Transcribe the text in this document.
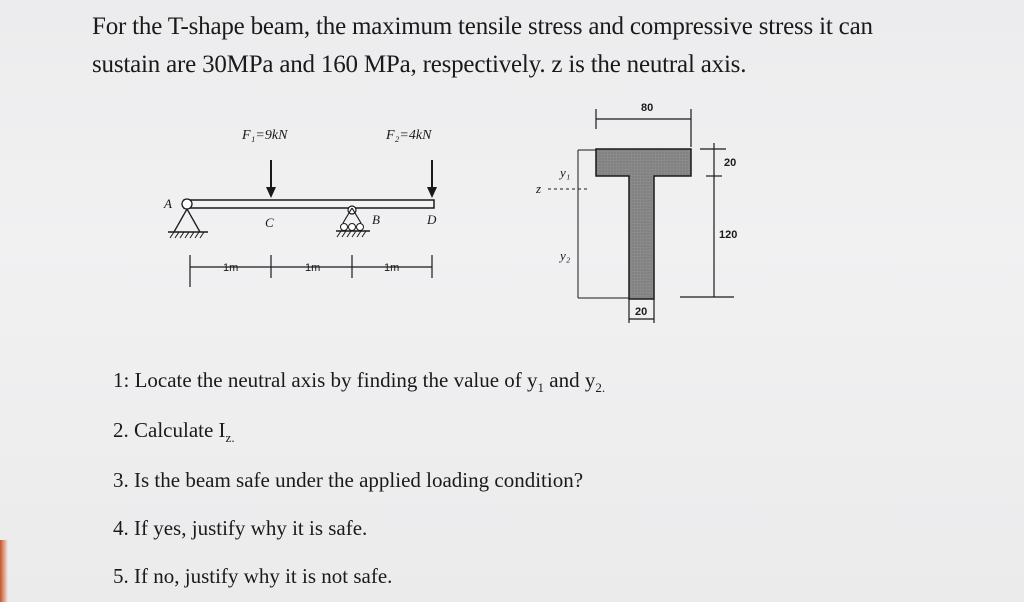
For the T-shape beam, the maximum tensile stress and compressive stress it can
sustain are 30MPa and 160 MPa, respectively. z is the neutral axis.
F₁=9kN	F₂=4kN
A
C	B	D
1m	1m	1m
80
z
y₁
y₂
20
120
20
1: Locate the neutral axis by finding the value of $y_1$ and $y_{2.}$
2. Calculate $I_{z.}$
3. Is the beam safe under the applied loading condition?
4. If yes, justify why it is safe.
5. If no, justify why it is not safe.
